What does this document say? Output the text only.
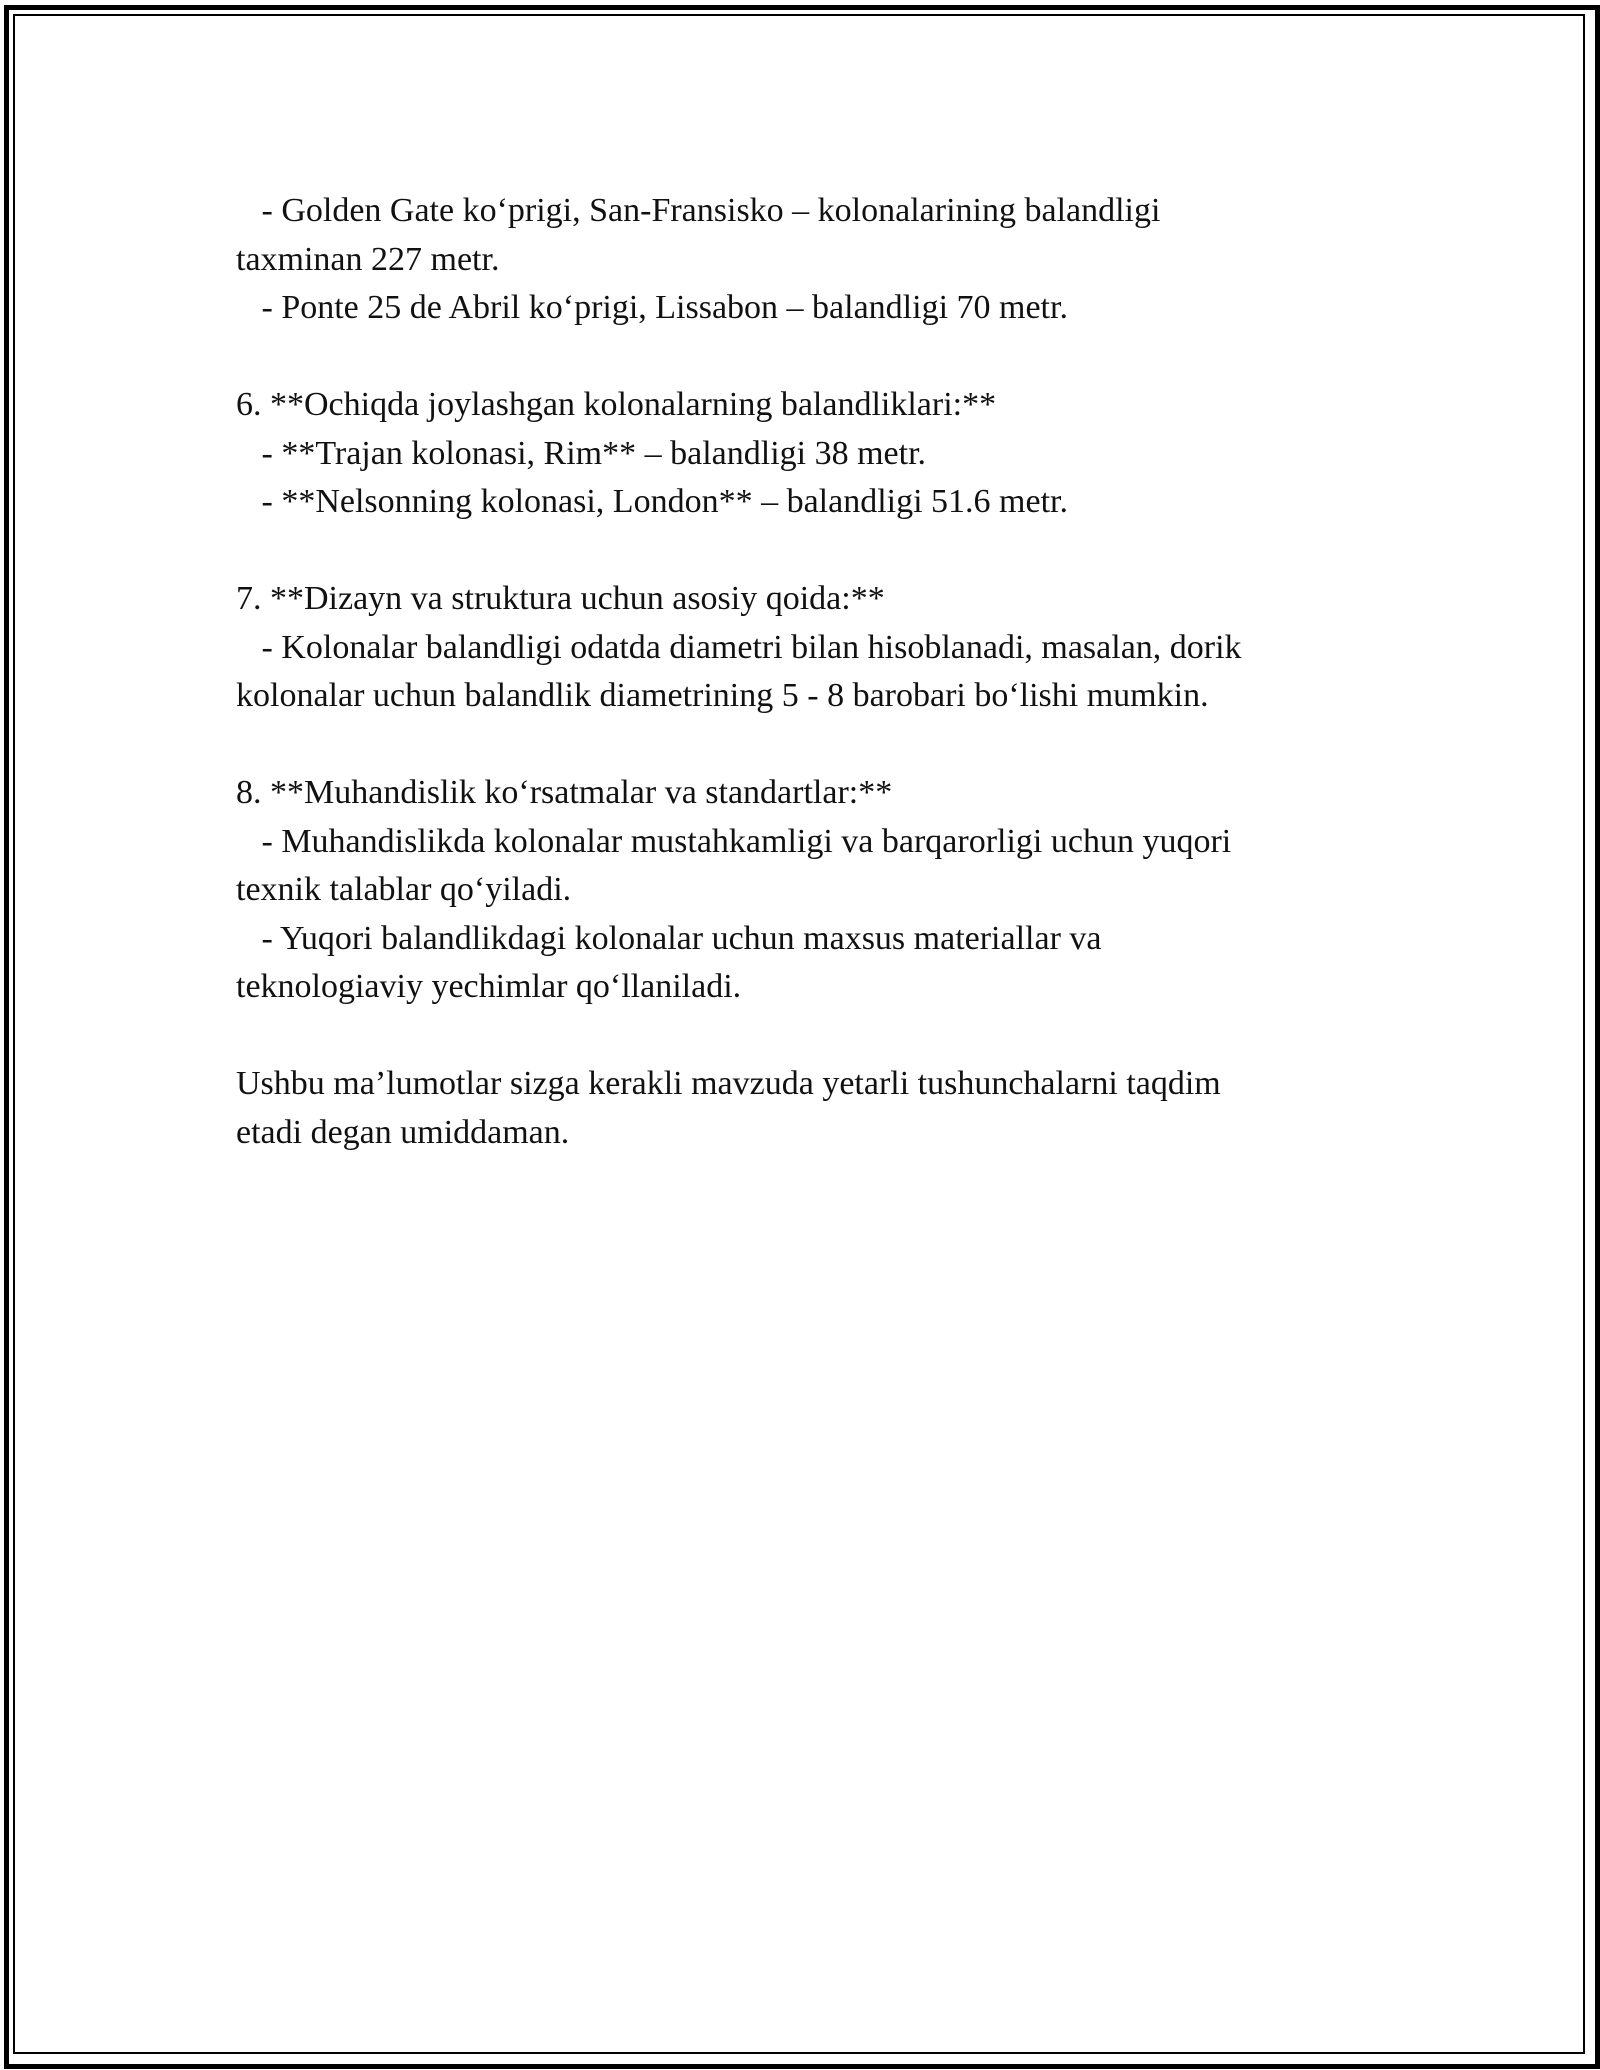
- Golden Gate ko‘prigi, San-Fransisko – kolonalarining balandligi
taxminan 227 metr.
- Ponte 25 de Abril ko‘prigi, Lissabon – balandligi 70 metr.
6. **Ochiqda joylashgan kolonalarning balandliklari:**
- **Trajan kolonasi, Rim** – balandligi 38 metr.
- **Nelsonning kolonasi, London** – balandligi 51.6 metr.
7. **Dizayn va struktura uchun asosiy qoida:**
- Kolonalar balandligi odatda diametri bilan hisoblanadi, masalan, dorik
kolonalar uchun balandlik diametrining 5 - 8 barobari bo‘lishi mumkin.
8. **Muhandislik ko‘rsatmalar va standartlar:**
- Muhandislikda kolonalar mustahkamligi va barqarorligi uchun yuqori
texnik talablar qo‘yiladi.
- Yuqori balandlikdagi kolonalar uchun maxsus materiallar va
teknologiaviy yechimlar qo‘llaniladi.
Ushbu ma’lumotlar sizga kerakli mavzuda yetarli tushunchalarni taqdim
etadi degan umiddaman.
